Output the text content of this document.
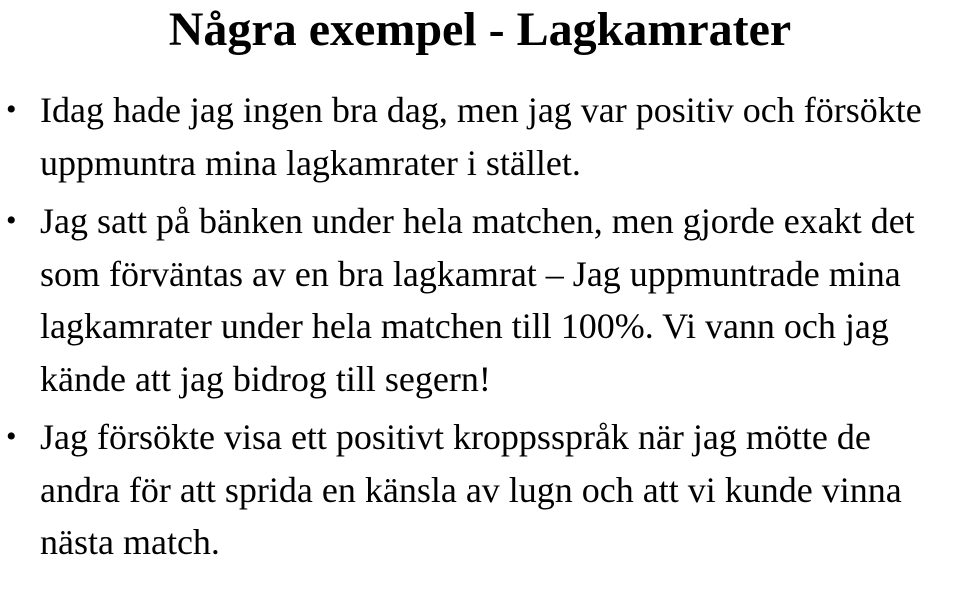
Några exempel - Lagkamrater
• Idag hade jag ingen bra dag, men jag var positiv och försökte uppmuntra mina lagkamrater i stället.
• Jag satt på bänken under hela matchen, men gjorde exakt det som förväntas av en bra lagkamrat – Jag uppmuntrade mina lagkamrater under hela matchen till 100%. Vi vann och jag kände att jag bidrog till segern!
• Jag försökte visa ett positivt kroppsspråk när jag mötte de andra för att sprida en känsla av lugn och att vi kunde vinna nästa match.
